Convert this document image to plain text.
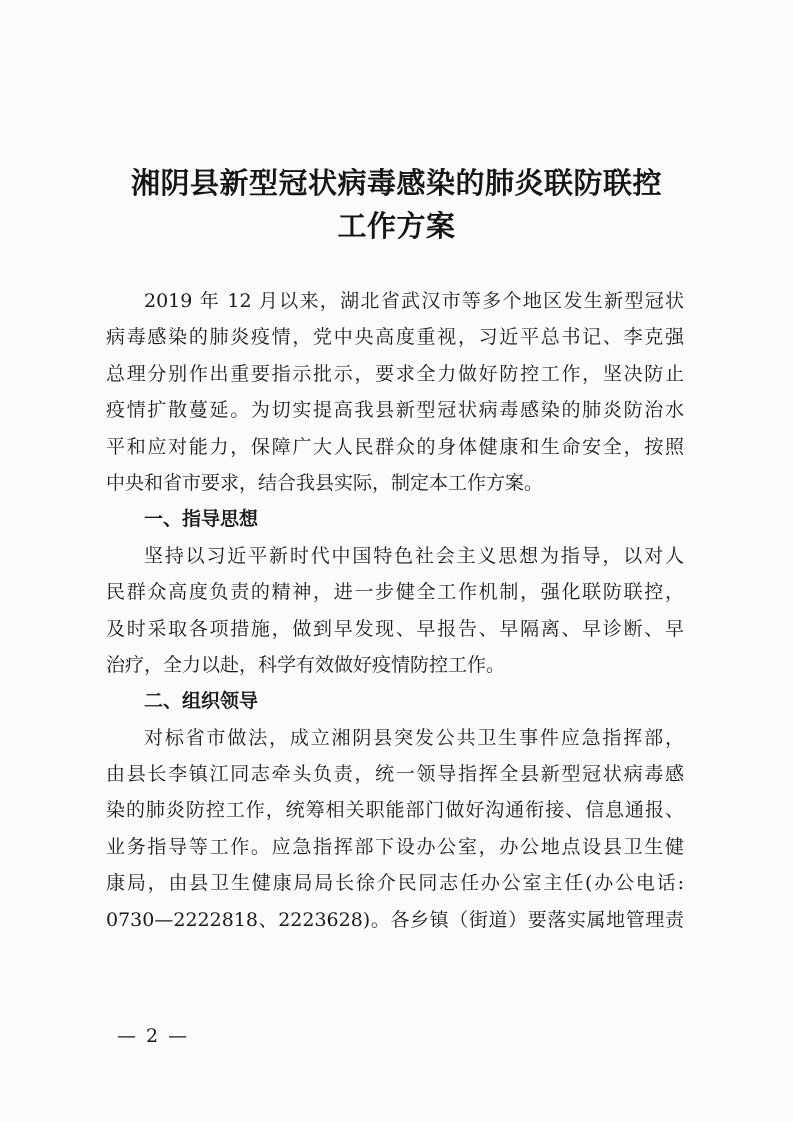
湘阴县新型冠状病毒感染的肺炎联防联控
工作方案
2019 年 12 月以来，湖北省武汉市等多个地区发生新型冠状
病毒感染的肺炎疫情，党中央高度重视，习近平总书记、李克强
总理分别作出重要指示批示，要求全力做好防控工作，坚决防止
疫情扩散蔓延。为切实提高我县新型冠状病毒感染的肺炎防治水
平和应对能力，保障广大人民群众的身体健康和生命安全，按照
中央和省市要求，结合我县实际，制定本工作方案。
一、指导思想
坚持以习近平新时代中国特色社会主义思想为指导，以对人
民群众高度负责的精神，进一步健全工作机制，强化联防联控，
及时采取各项措施，做到早发现、早报告、早隔离、早诊断、早
治疗，全力以赴，科学有效做好疫情防控工作。
二、组织领导
对标省市做法，成立湘阴县突发公共卫生事件应急指挥部，
由县长李镇江同志牵头负责，统一领导指挥全县新型冠状病毒感
染的肺炎防控工作，统筹相关职能部门做好沟通衔接、信息通报、
业务指导等工作。应急指挥部下设办公室，办公地点设县卫生健
康局，由县卫生健康局局长徐介民同志任办公室主任(办公电话:
0730—2222818、2223628)。各乡镇（街道）要落实属地管理责
— 2 —
